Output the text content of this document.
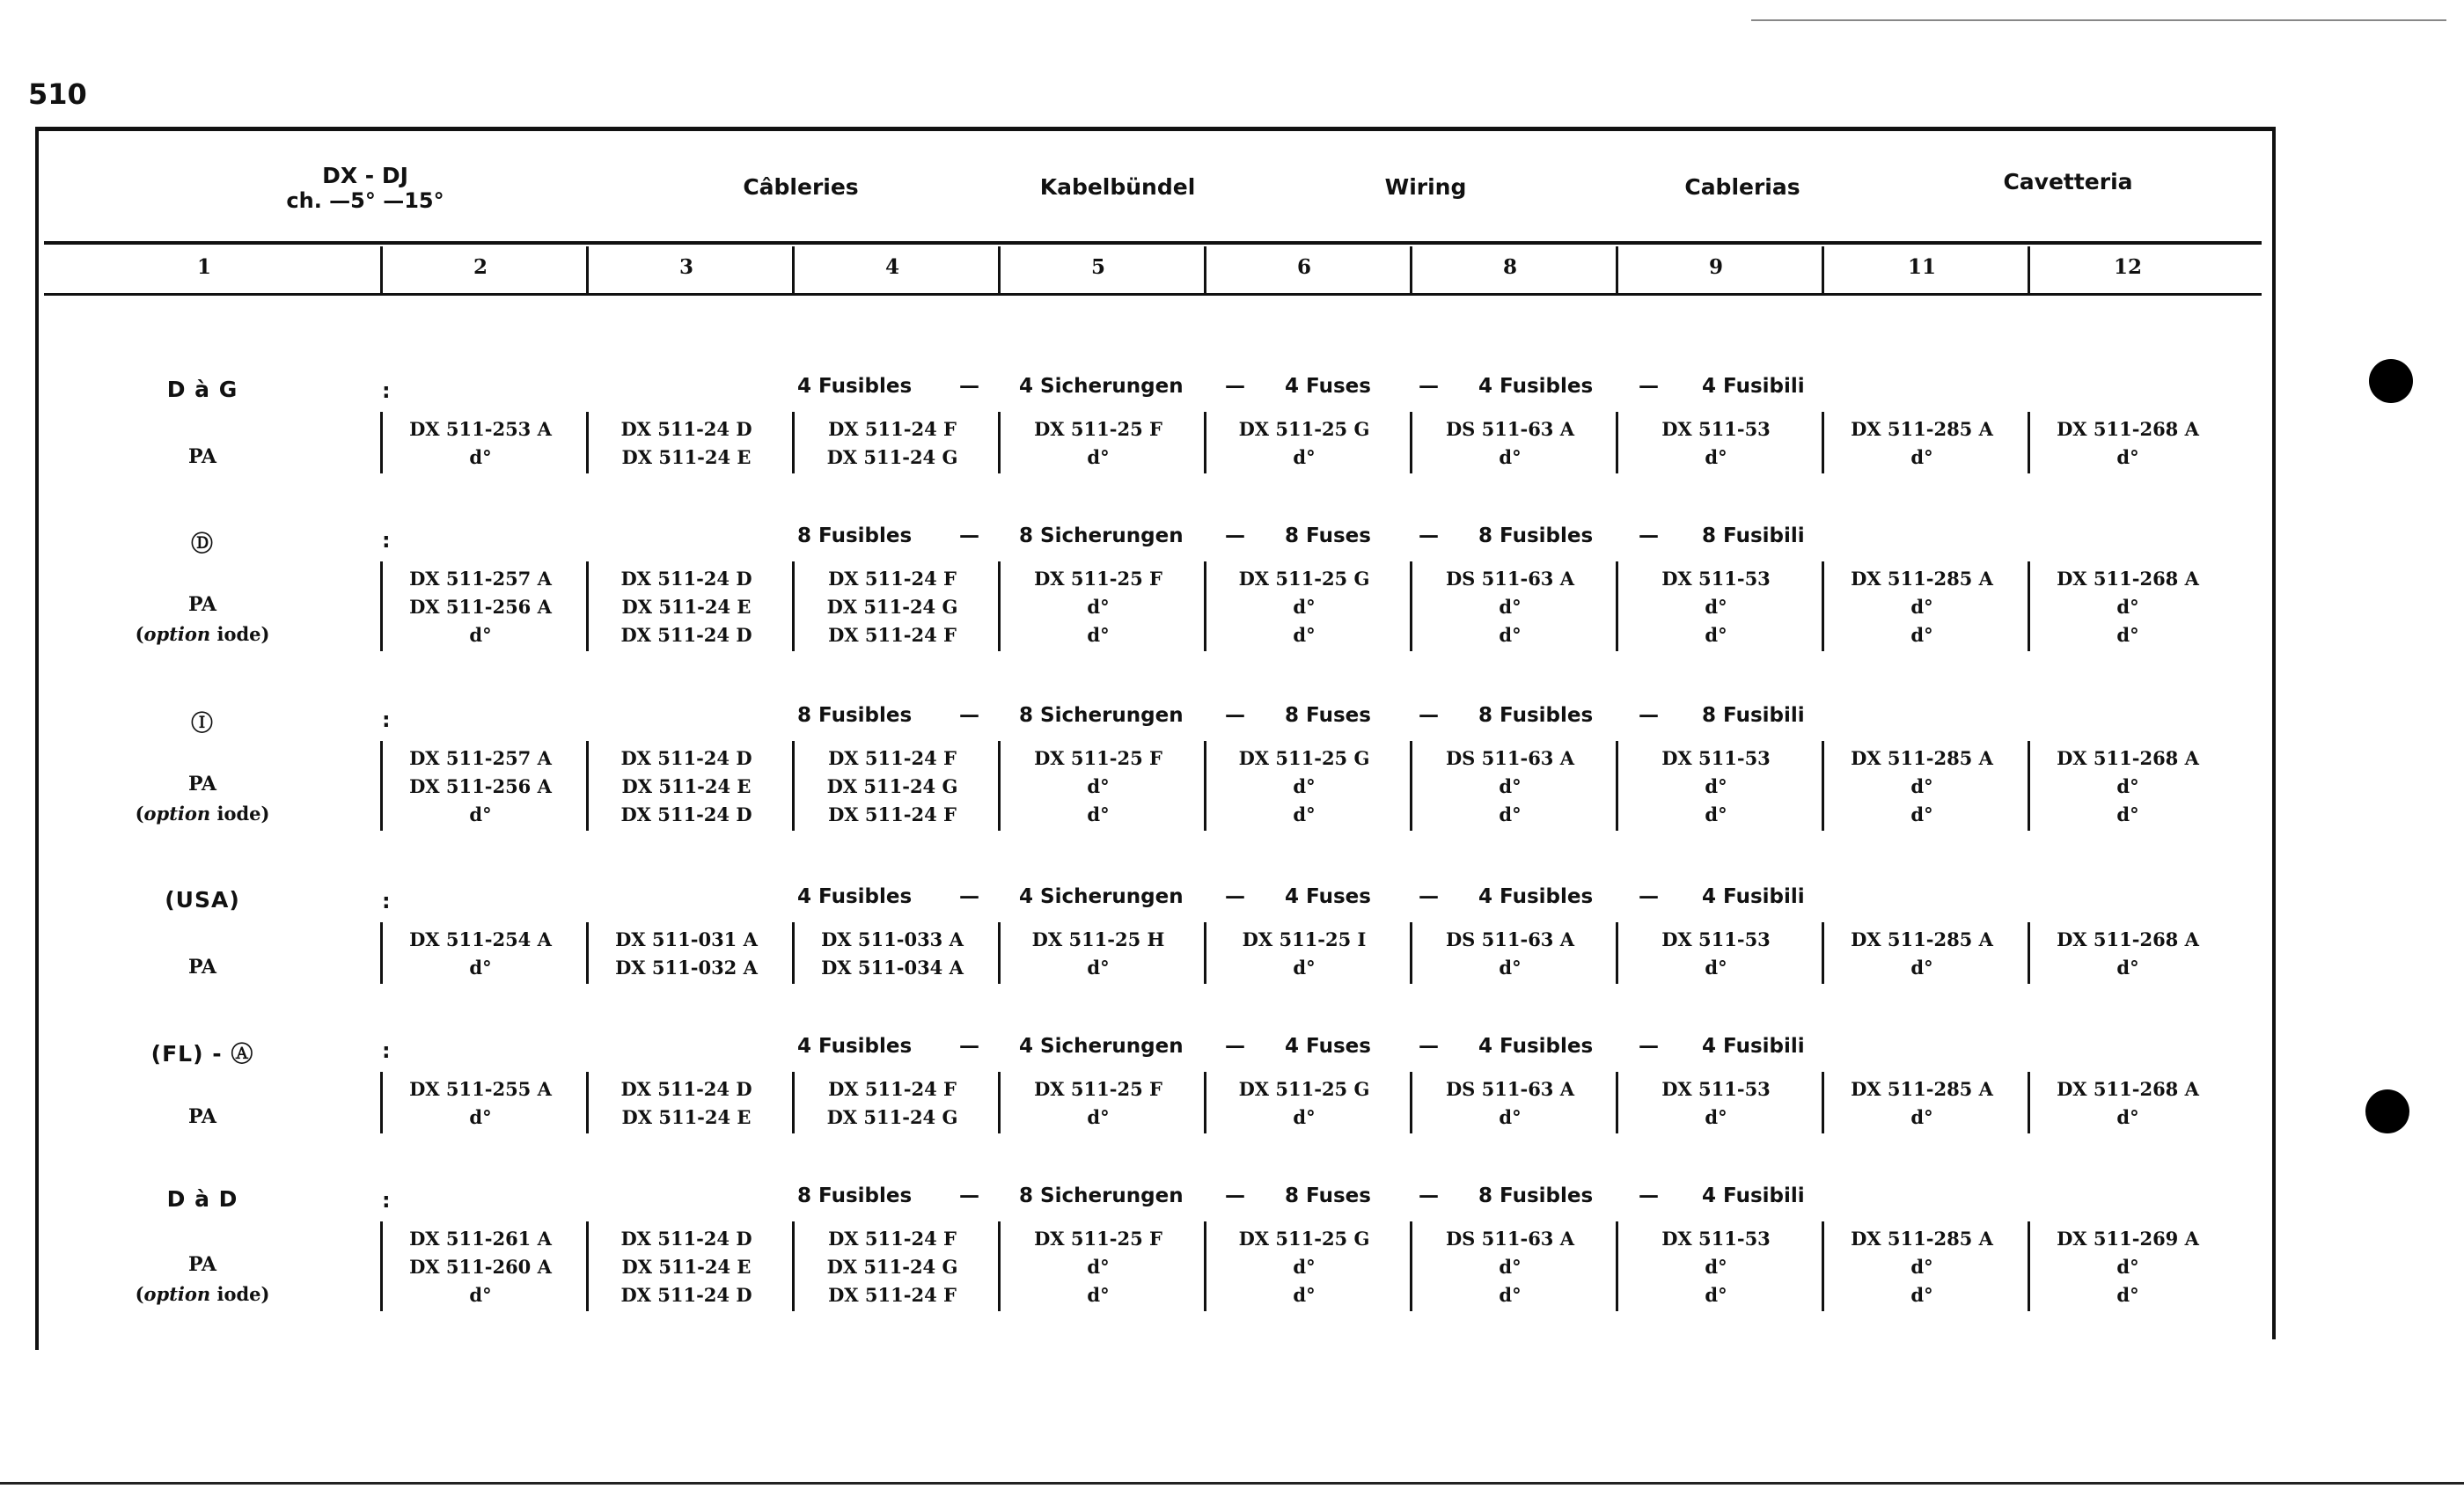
510
DX - DJ
ch. —5° —15°
Câbleries	Kabelbündel	Wiring	Cablerias	Cavetteria
1	2	3	4	5	6	8	9	11	12
D à G	:	4 Fusibles — 4 Sicherungen — 4 Fuses — 4 Fusibles — 4 Fusibili
PA
DX 511-253 A	DX 511-24 D	DX 511-24 F	DX 511-25 F	DX 511-25 G	DS 511-63 A	DX 511-53	DX 511-285 A	DX 511-268 A
d°	DX 511-24 E	DX 511-24 G	d°	d°	d°	d°	d°	d°
Ⓓ	:	8 Fusibles — 8 Sicherungen — 8 Fuses — 8 Fusibles — 8 Fusibili
PA
(option iode)
DX 511-257 A	DX 511-24 D	DX 511-24 F	DX 511-25 F	DX 511-25 G	DS 511-63 A	DX 511-53	DX 511-285 A	DX 511-268 A
DX 511-256 A	DX 511-24 E	DX 511-24 G	d°	d°	d°	d°	d°	d°
d°	DX 511-24 D	DX 511-24 F	d°	d°	d°	d°	d°	d°
Ⓘ	:	8 Fusibles — 8 Sicherungen — 8 Fuses — 8 Fusibles — 8 Fusibili
PA
(option iode)
DX 511-257 A	DX 511-24 D	DX 511-24 F	DX 511-25 F	DX 511-25 G	DS 511-63 A	DX 511-53	DX 511-285 A	DX 511-268 A
DX 511-256 A	DX 511-24 E	DX 511-24 G	d°	d°	d°	d°	d°	d°
d°	DX 511-24 D	DX 511-24 F	d°	d°	d°	d°	d°	d°
(USA)	:	4 Fusibles — 4 Sicherungen — 4 Fuses — 4 Fusibles — 4 Fusibili
PA
DX 511-254 A	DX 511-031 A	DX 511-033 A	DX 511-25 H	DX 511-25 I	DS 511-63 A	DX 511-53	DX 511-285 A	DX 511-268 A
d°	DX 511-032 A	DX 511-034 A	d°	d°	d°	d°	d°	d°
(FL) - Ⓐ	:	4 Fusibles — 4 Sicherungen — 4 Fuses — 4 Fusibles — 4 Fusibili
PA
DX 511-255 A	DX 511-24 D	DX 511-24 F	DX 511-25 F	DX 511-25 G	DS 511-63 A	DX 511-53	DX 511-285 A	DX 511-268 A
d°	DX 511-24 E	DX 511-24 G	d°	d°	d°	d°	d°	d°
D à D	:	8 Fusibles — 8 Sicherungen — 8 Fuses — 8 Fusibles — 4 Fusibili
PA
(option iode)
DX 511-261 A	DX 511-24 D	DX 511-24 F	DX 511-25 F	DX 511-25 G	DS 511-63 A	DX 511-53	DX 511-285 A	DX 511-269 A
DX 511-260 A	DX 511-24 E	DX 511-24 G	d°	d°	d°	d°	d°	d°
d°	DX 511-24 D	DX 511-24 F	d°	d°	d°	d°	d°	d°
